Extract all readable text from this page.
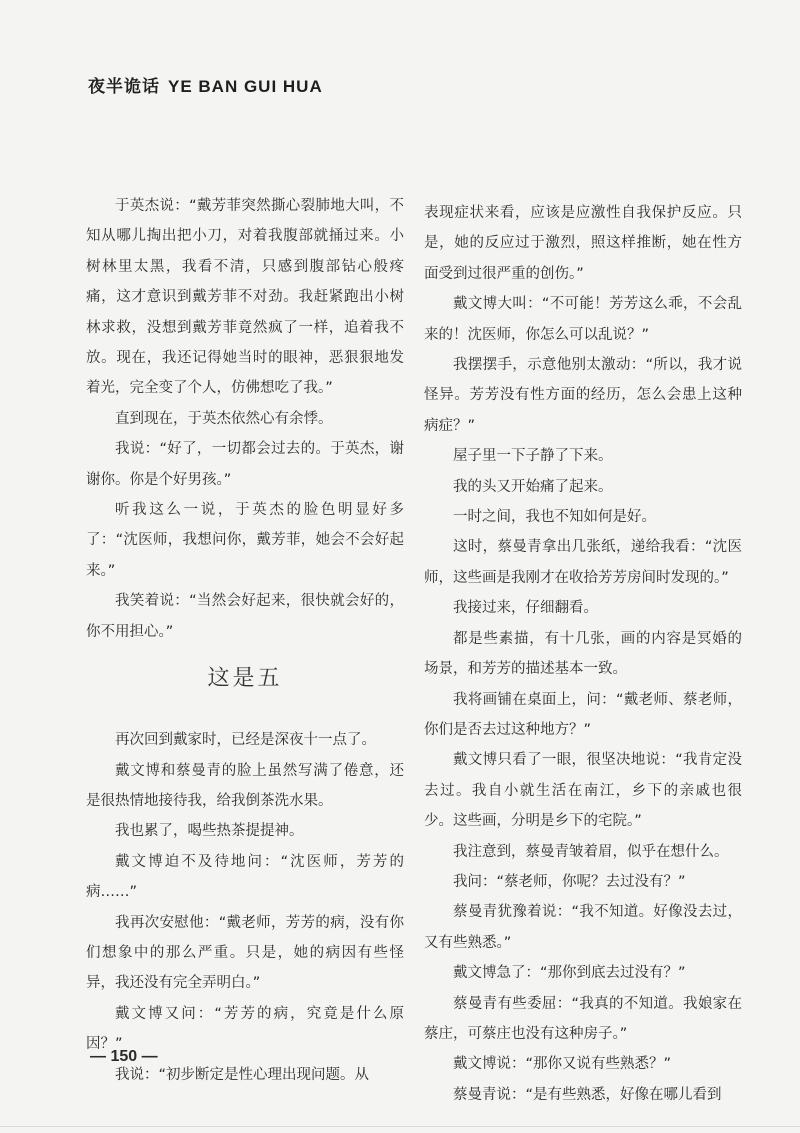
夜半诡话 YE BAN GUI HUA

于英杰说：“戴芳菲突然撕心裂肺地大叫，不知从哪儿掏出把小刀，对着我腹部就捅过来。小树林里太黑，我看不清，只感到腹部钻心般疼痛，这才意识到戴芳菲不对劲。我赶紧跑出小树林求救，没想到戴芳菲竟然疯了一样，追着我不放。现在，我还记得她当时的眼神，恶狠狠地发着光，完全变了个人，仿佛想吃了我。”

直到现在，于英杰依然心有余悸。

我说：“好了，一切都会过去的。于英杰，谢谢你。你是个好男孩。”

听我这么一说，于英杰的脸色明显好多了：“沈医师，我想问你，戴芳菲，她会不会好起来。”

我笑着说：“当然会好起来，很快就会好的，你不用担心。”

这是五

再次回到戴家时，已经是深夜十一点了。

戴文博和蔡曼青的脸上虽然写满了倦意，还是很热情地接待我，给我倒茶洗水果。

我也累了，喝些热茶提提神。

戴文博迫不及待地问：“沈医师，芳芳的病……”

我再次安慰他：“戴老师，芳芳的病，没有你们想象中的那么严重。只是，她的病因有些怪异，我还没有完全弄明白。”

戴文博又问：“芳芳的病，究竟是什么原因？”

我说：“初步断定是性心理出现问题。从

表现症状来看，应该是应激性自我保护反应。只是，她的反应过于激烈，照这样推断，她在性方面受到过很严重的创伤。”

戴文博大叫：“不可能！芳芳这么乖，不会乱来的！沈医师，你怎么可以乱说？”

我摆摆手，示意他别太激动：“所以，我才说怪异。芳芳没有性方面的经历，怎么会患上这种病症？”

屋子里一下子静了下来。

我的头又开始痛了起来。

一时之间，我也不知如何是好。

这时，蔡曼青拿出几张纸，递给我看：“沈医师，这些画是我刚才在收拾芳芳房间时发现的。”

我接过来，仔细翻看。

都是些素描，有十几张，画的内容是冥婚的场景，和芳芳的描述基本一致。

我将画铺在桌面上，问：“戴老师、蔡老师，你们是否去过这种地方？”

戴文博只看了一眼，很坚决地说：“我肯定没去过。我自小就生活在南江，乡下的亲戚也很少。这些画，分明是乡下的宅院。”

我注意到，蔡曼青皱着眉，似乎在想什么。

我问：“蔡老师，你呢？去过没有？”

蔡曼青犹豫着说：“我不知道。好像没去过，又有些熟悉。”

戴文博急了：“那你到底去过没有？”

蔡曼青有些委屈：“我真的不知道。我娘家在蔡庄，可蔡庄也没有这种房子。”

戴文博说：“那你又说有些熟悉？”

蔡曼青说：“是有些熟悉，好像在哪儿看到

— 150 —
